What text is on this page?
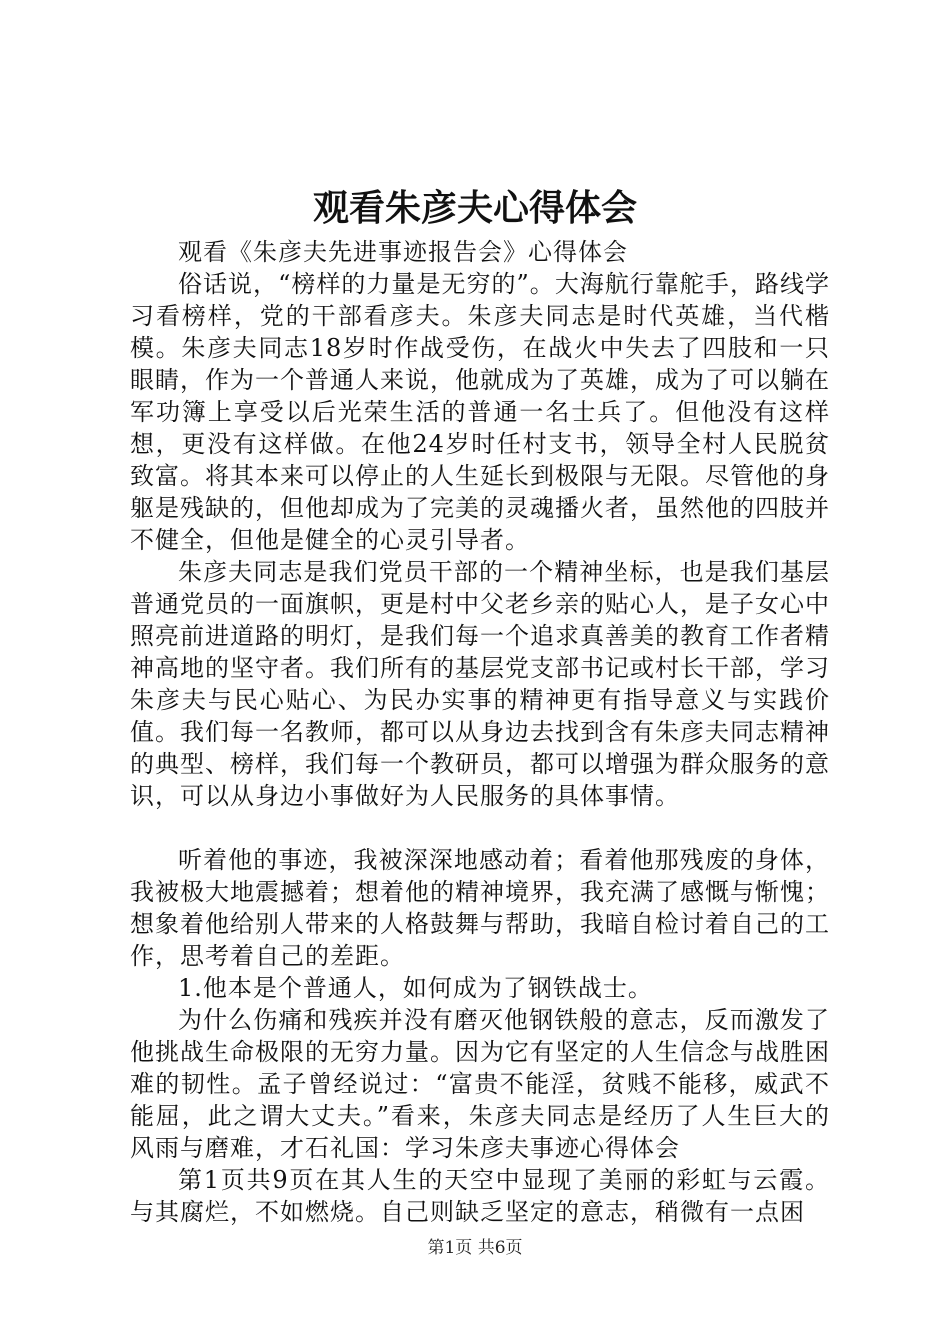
观看朱彦夫心得体会

观看《朱彦夫先进事迹报告会》心得体会

俗话说，“榜样的力量是无穷的”。大海航行靠舵手，路线学习看榜样，党的干部看彦夫。朱彦夫同志是时代英雄，当代楷模。朱彦夫同志18岁时作战受伤，在战火中失去了四肢和一只眼睛，作为一个普通人来说，他就成为了英雄，成为了可以躺在军功簿上享受以后光荣生活的普通一名士兵了。但他没有这样想，更没有这样做。在他24岁时任村支书，领导全村人民脱贫致富。将其本来可以停止的人生延长到极限与无限。尽管他的身躯是残缺的，但他却成为了完美的灵魂播火者，虽然他的四肢并不健全，但他是健全的心灵引导者。

朱彦夫同志是我们党员干部的一个精神坐标，也是我们基层普通党员的一面旗帜，更是村中父老乡亲的贴心人，是子女心中照亮前进道路的明灯，是我们每一个追求真善美的教育工作者精神高地的坚守者。我们所有的基层党支部书记或村长干部，学习朱彦夫与民心贴心、为民办实事的精神更有指导意义与实践价值。我们每一名教师，都可以从身边去找到含有朱彦夫同志精神的典型、榜样，我们每一个教研员，都可以增强为群众服务的意识，可以从身边小事做好为人民服务的具体事情。

听着他的事迹，我被深深地感动着；看着他那残废的身体，我被极大地震撼着；想着他的精神境界，我充满了感慨与惭愧；想象着他给别人带来的人格鼓舞与帮助，我暗自检讨着自己的工作，思考着自己的差距。

1.他本是个普通人，如何成为了钢铁战士。

为什么伤痛和残疾并没有磨灭他钢铁般的意志，反而激发了他挑战生命极限的无穷力量。因为它有坚定的人生信念与战胜困难的韧性。孟子曾经说过：“富贵不能淫，贫贱不能移，威武不能屈，此之谓大丈夫。”看来，朱彦夫同志是经历了人生巨大的风雨与磨难，才石礼国：学习朱彦夫事迹心得体会

第1页共9页在其人生的天空中显现了美丽的彩虹与云霞。与其腐烂，不如燃烧。自己则缺乏坚定的意志，稍微有一点困

第1页 共6页
